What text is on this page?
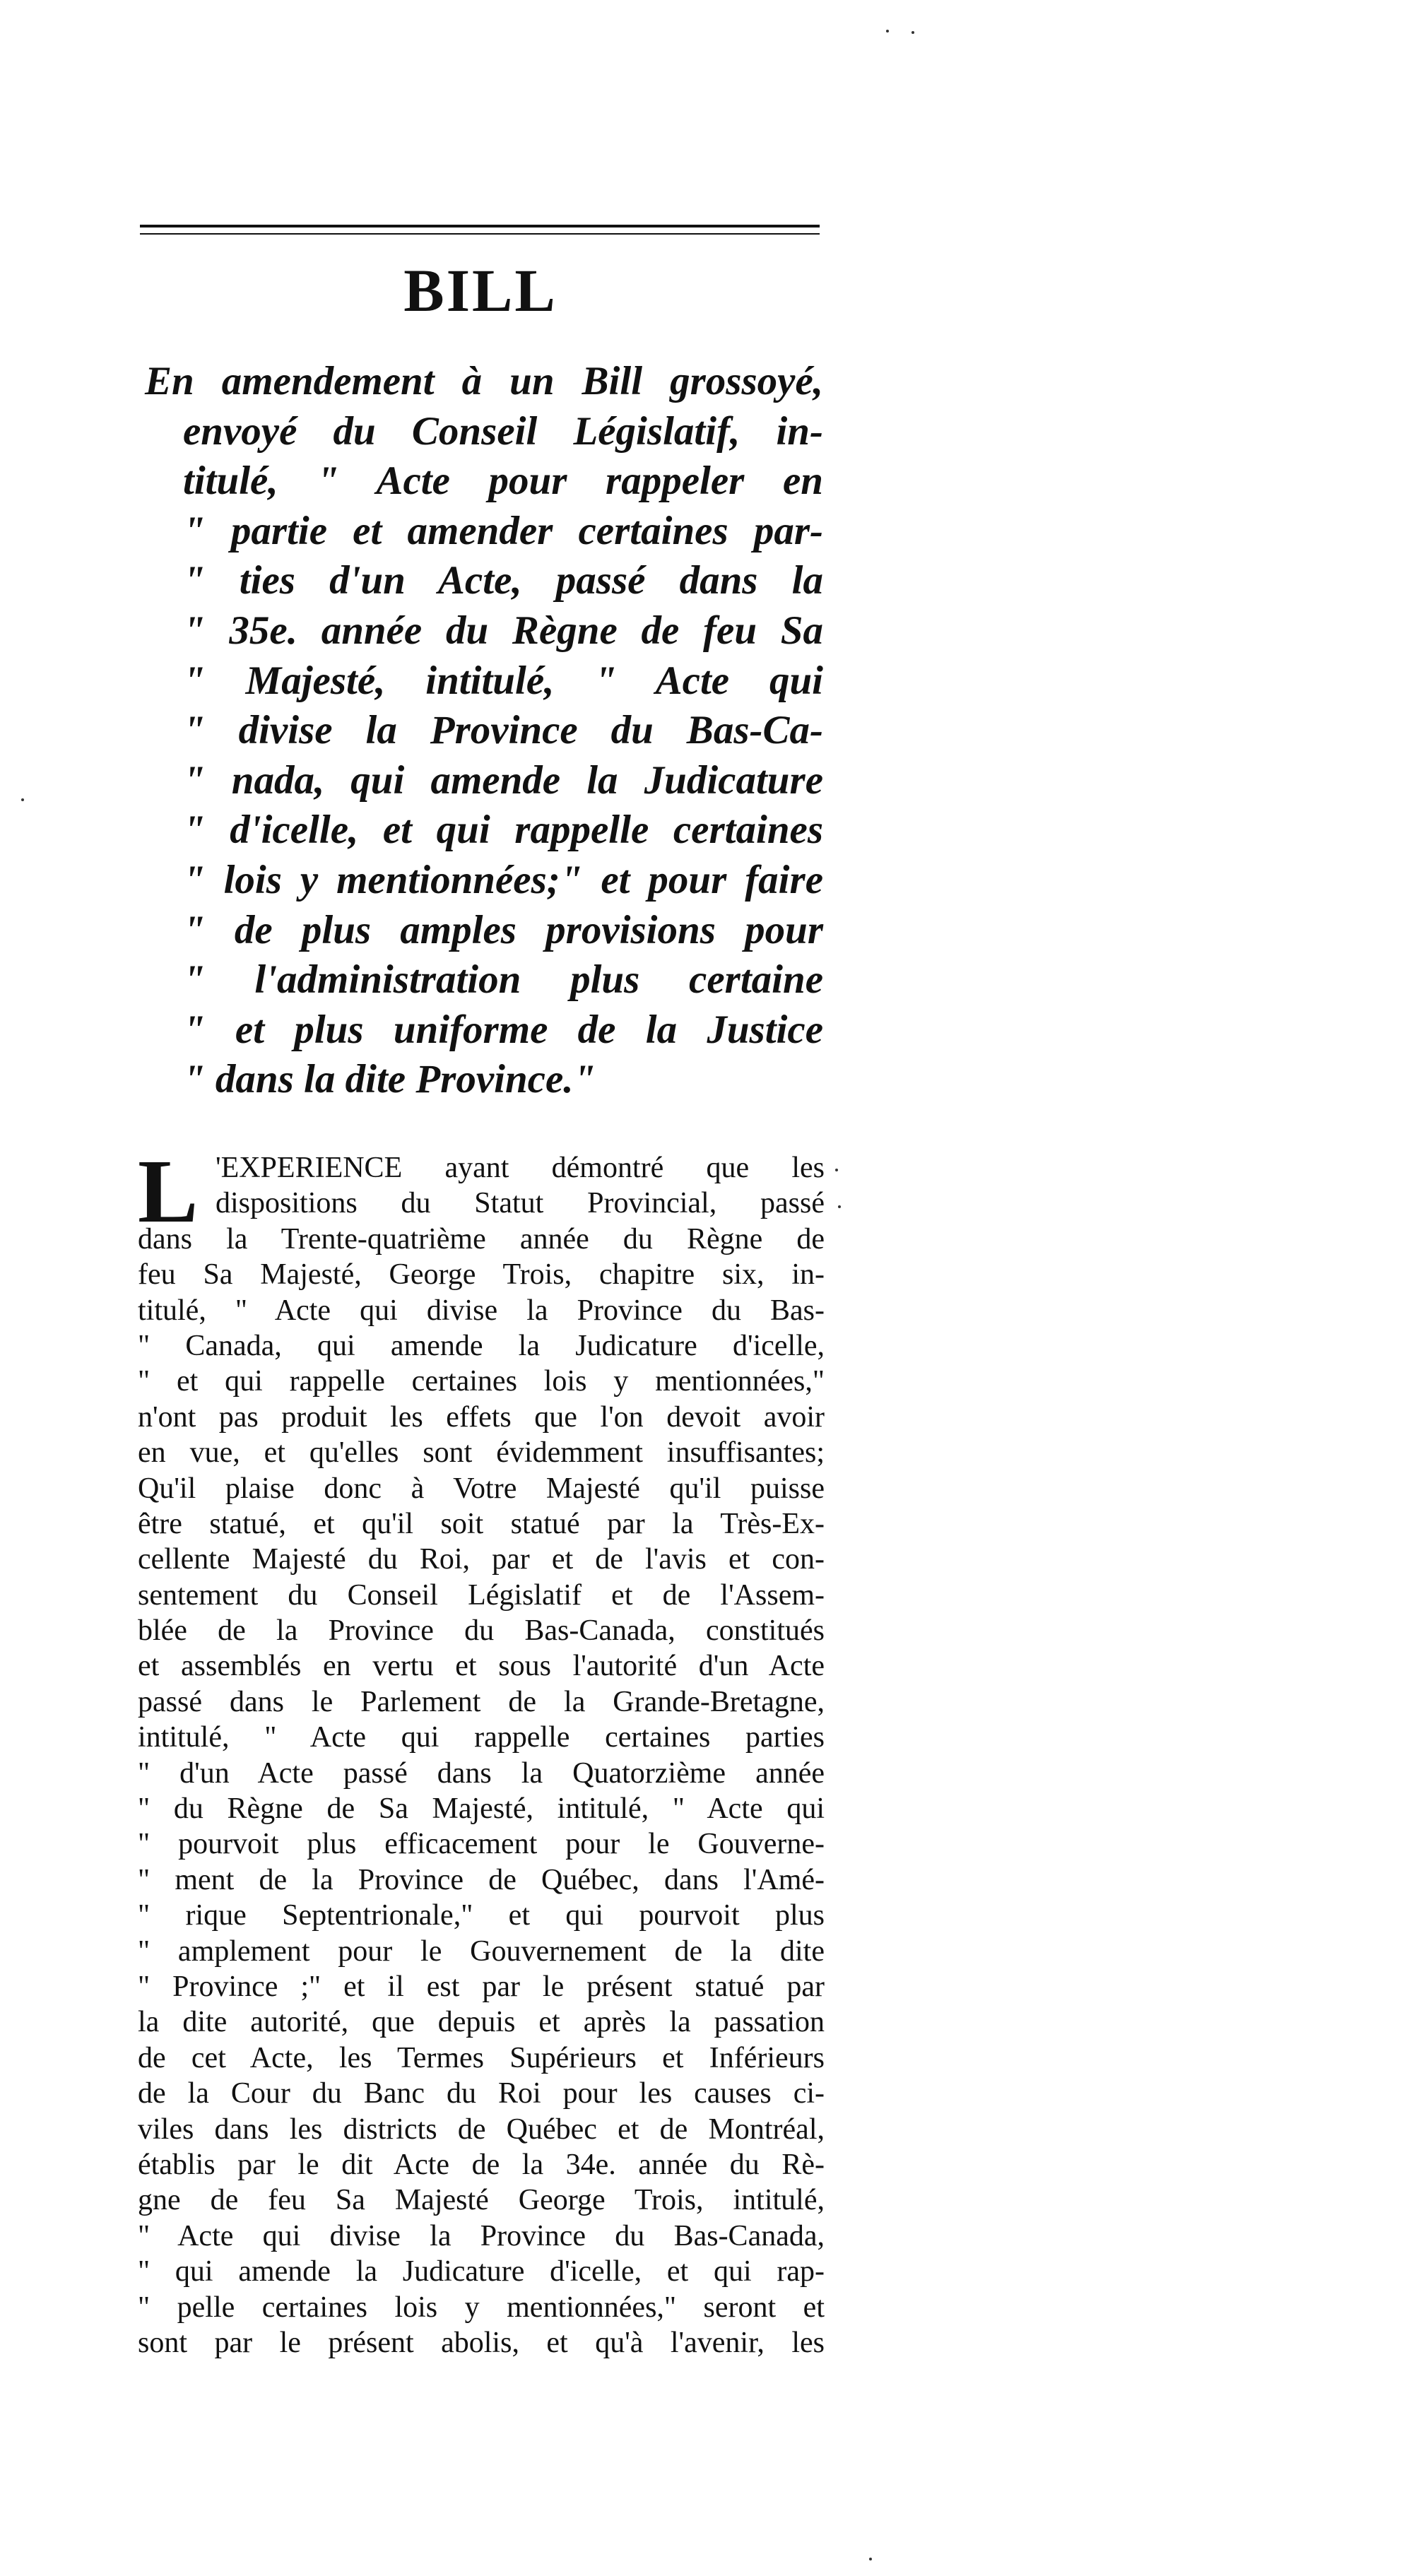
BILL
En amendement à un Bill grossoyé,
envoyé du Conseil Législatif, in-
titulé, " Acte pour rappeler en
" partie et amender certaines par-
" ties d'un Acte, passé dans la
" 35e. année du Règne de feu Sa
" Majesté, intitulé, " Acte qui
" divise la Province du Bas-Ca-
" nada, qui amende la Judicature
" d'icelle, et qui rappelle certaines
" lois y mentionnées;" et pour faire
" de plus amples provisions pour
" l'administration plus certaine
" et plus uniforme de la Justice
" dans la dite Province."
L 'EXPERIENCE ayant démontré que les
dispositions du Statut Provincial, passé
dans la Trente-quatrième année du Règne de
feu Sa Majesté, George Trois, chapitre six, in-
titulé, " Acte qui divise la Province du Bas-
" Canada, qui amende la Judicature d'icelle,
" et qui rappelle certaines lois y mentionnées,"
n'ont pas produit les effets que l'on devoit avoir
en vue, et qu'elles sont évidemment insuffisantes;
Qu'il plaise donc à Votre Majesté qu'il puisse
être statué, et qu'il soit statué par la Très-Ex-
cellente Majesté du Roi, par et de l'avis et con-
sentement du Conseil Législatif et de l'Assem-
blée de la Province du Bas-Canada, constitués
et assemblés en vertu et sous l'autorité d'un Acte
passé dans le Parlement de la Grande-Bretagne,
intitulé, " Acte qui rappelle certaines parties
" d'un Acte passé dans la Quatorzième année
" du Règne de Sa Majesté, intitulé, " Acte qui
" pourvoit plus efficacement pour le Gouverne-
" ment de la Province de Québec, dans l'Amé-
" rique Septentrionale," et qui pourvoit plus
" amplement pour le Gouvernement de la dite
" Province ;" et il est par le présent statué par
la dite autorité, que depuis et après la passation
de cet Acte, les Termes Supérieurs et Inférieurs
de la Cour du Banc du Roi pour les causes ci-
viles dans les districts de Québec et de Montréal,
établis par le dit Acte de la 34e. année du Rè-
gne de feu Sa Majesté George Trois, intitulé,
" Acte qui divise la Province du Bas-Canada,
" qui amende la Judicature d'icelle, et qui rap-
" pelle certaines lois y mentionnées," seront et
sont par le présent abolis, et qu'à l'avenir, les
